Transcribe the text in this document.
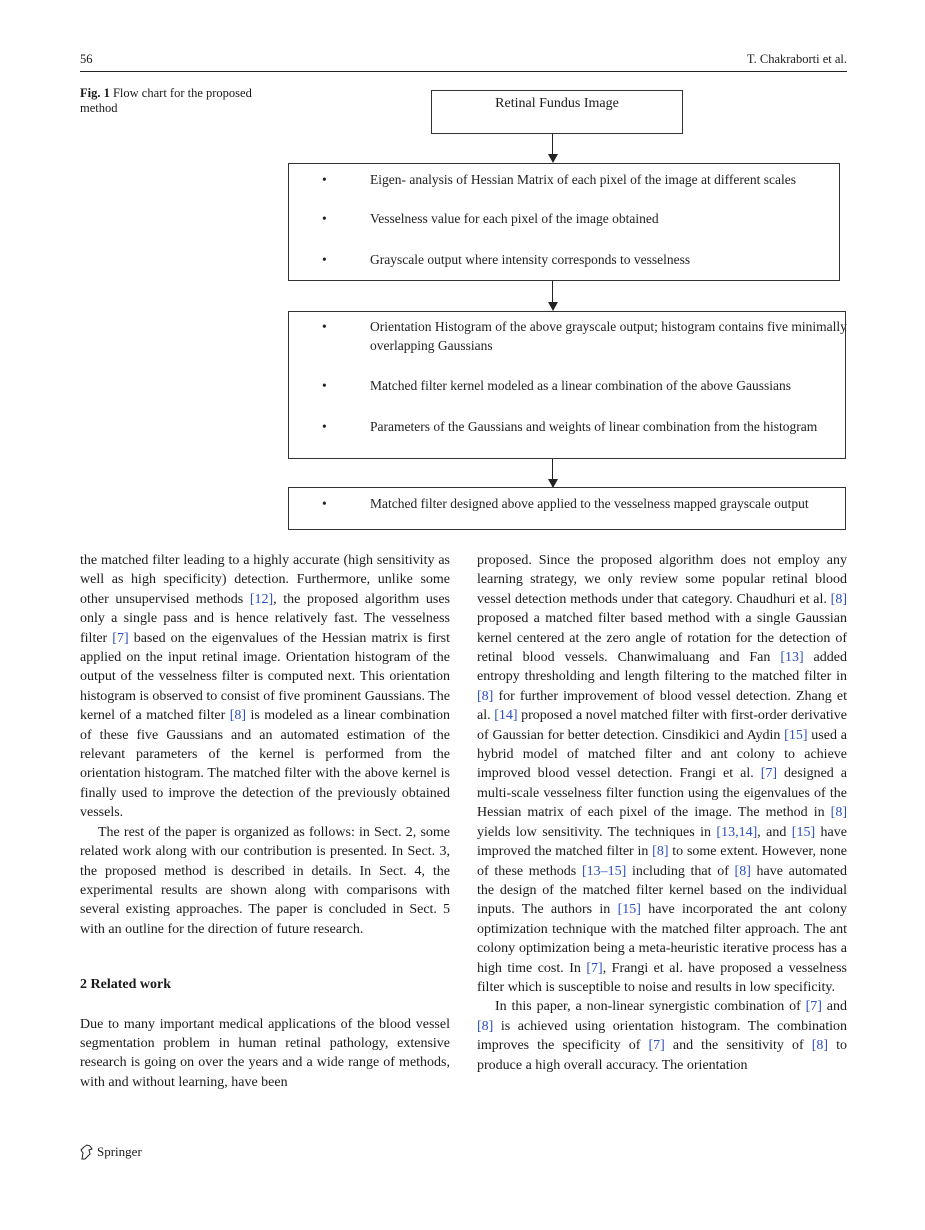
56	T. Chakraborti et al.
Fig. 1 Flow chart for the proposed method	Retinal Fundus Image
•	Eigen- analysis of Hessian Matrix of each pixel of the image at different scales
•	Vesselness value for each pixel of the image obtained
•	Grayscale output where intensity corresponds to vesselness
•	Orientation Histogram of the above grayscale output; histogram contains five minimally overlapping Gaussians
•	Matched filter kernel modeled as a linear combination of the above Gaussians
•	Parameters of the Gaussians and weights of linear combination from the histogram
•	Matched filter designed above applied to the vesselness mapped grayscale output

the matched filter leading to a highly accurate (high sensitivity as well as high specificity) detection. Furthermore, unlike some other unsupervised methods [12], the proposed algorithm uses only a single pass and is hence relatively fast. The vesselness filter [7] based on the eigenvalues of the Hessian matrix is first applied on the input retinal image. Orientation histogram of the output of the vesselness filter is computed next. This orientation histogram is observed to consist of five prominent Gaussians. The kernel of a matched filter [8] is modeled as a linear combination of these five Gaussians and an automated estimation of the relevant parameters of the kernel is performed from the orientation histogram. The matched filter with the above kernel is finally used to improve the detection of the previously obtained vessels.

The rest of the paper is organized as follows: in Sect. 2, some related work along with our contribution is presented. In Sect. 3, the proposed method is described in details. In Sect. 4, the experimental results are shown along with comparisons with several existing approaches. The paper is concluded in Sect. 5 with an outline for the direction of future research.

2 Related work

Due to many important medical applications of the blood vessel segmentation problem in human retinal pathology, extensive research is going on over the years and a wide range of methods, with and without learning, have been

proposed. Since the proposed algorithm does not employ any learning strategy, we only review some popular retinal blood vessel detection methods under that category. Chaudhuri et al. [8] proposed a matched filter based method with a single Gaussian kernel centered at the zero angle of rotation for the detection of retinal blood vessels. Chanwimaluang and Fan [13] added entropy thresholding and length filtering to the matched filter in [8] for further improvement of blood vessel detection. Zhang et al. [14] proposed a novel matched filter with first-order derivative of Gaussian for better detection. Cinsdikici and Aydin [15] used a hybrid model of matched filter and ant colony to achieve improved blood vessel detection. Frangi et al. [7] designed a multi-scale vesselness filter function using the eigenvalues of the Hessian matrix of each pixel of the image. The method in [8] yields low sensitivity. The techniques in [13,14], and [15] have improved the matched filter in [8] to some extent. However, none of these methods [13–15] including that of [8] have automated the design of the matched filter kernel based on the individual inputs. The authors in [15] have incorporated the ant colony optimization technique with the matched filter approach. The ant colony optimization being a meta-heuristic iterative process has a high time cost. In [7], Frangi et al. have proposed a vesselness filter which is susceptible to noise and results in low specificity.

In this paper, a non-linear synergistic combination of [7] and [8] is achieved using orientation histogram. The combination improves the specificity of [7] and the sensitivity of [8] to produce a high overall accuracy. The orientation

Springer
